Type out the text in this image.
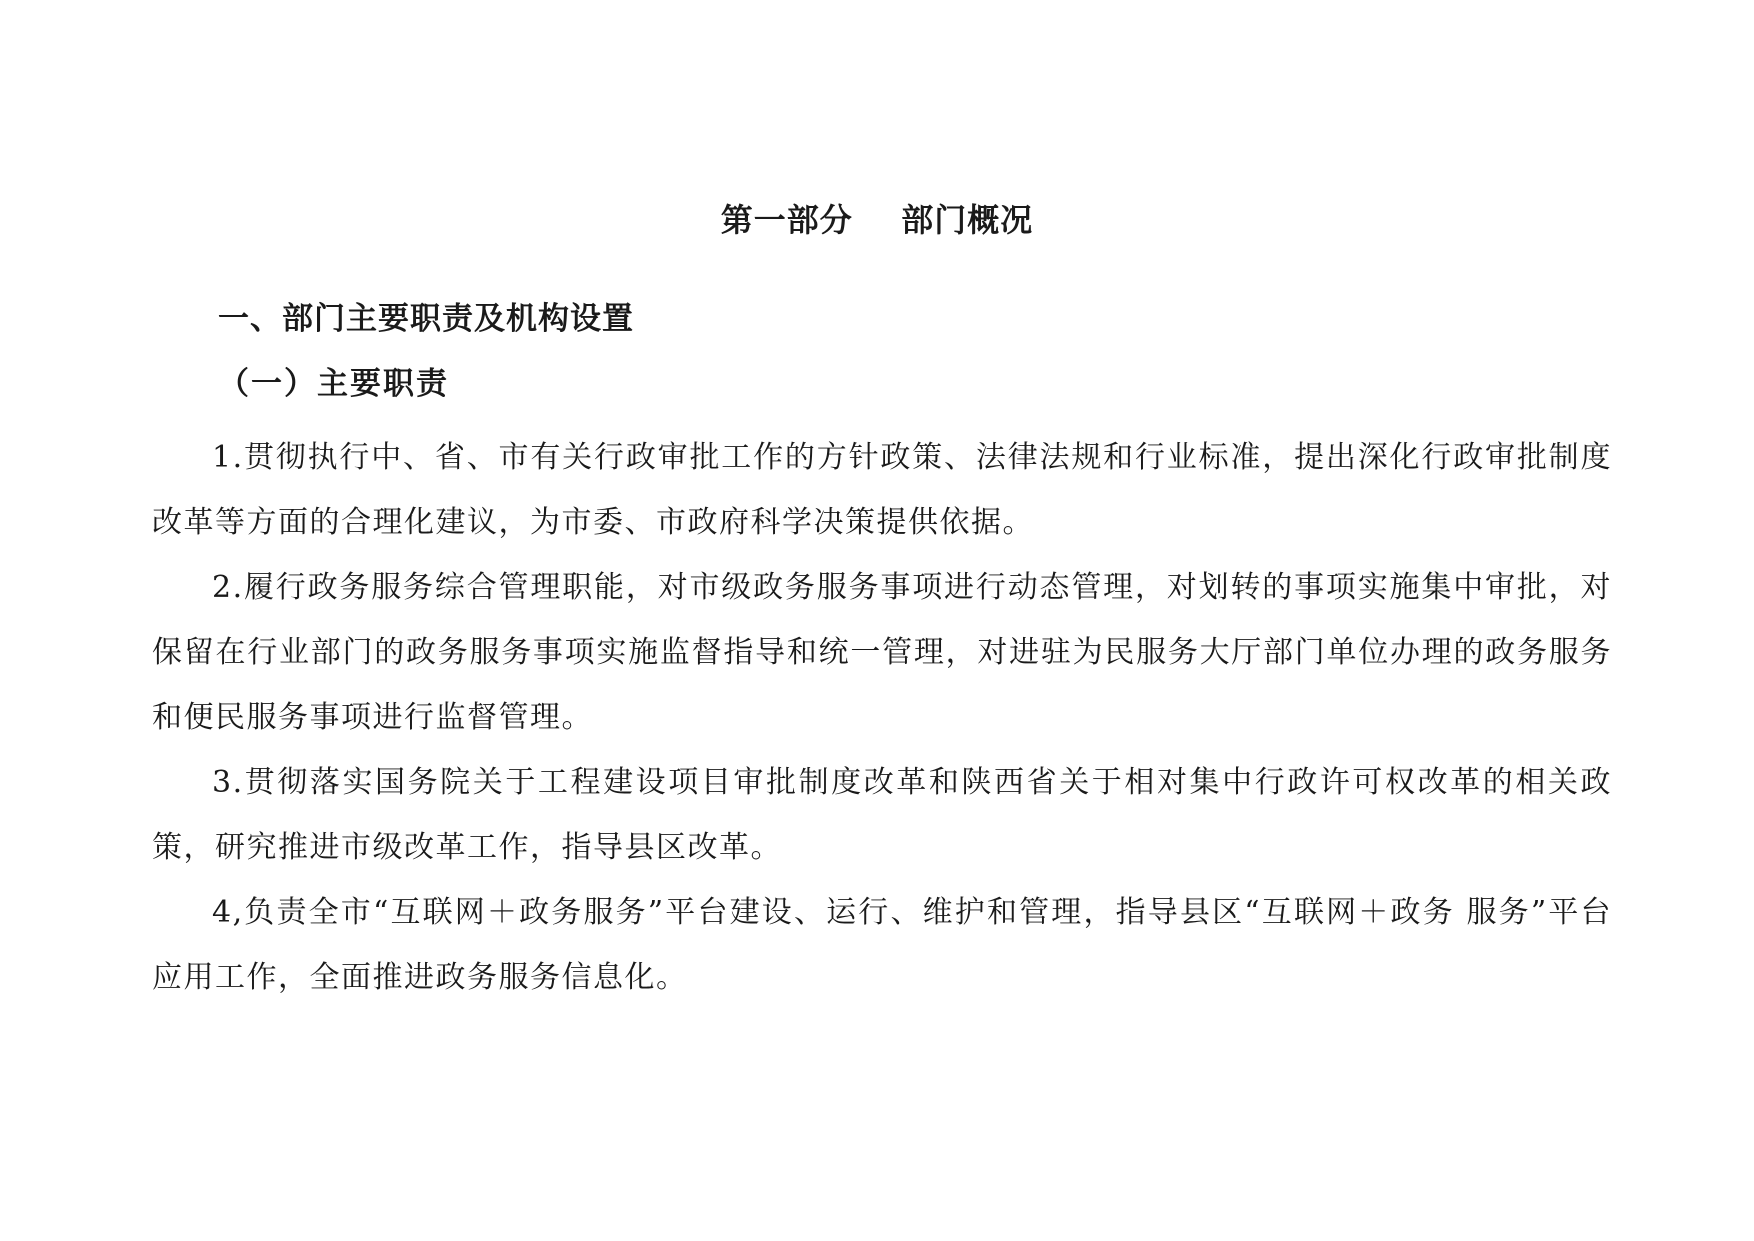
第一部分    部门概况
一、部门主要职责及机构设置
（一）主要职责

1.贯彻执行中、省、市有关行政审批工作的方针政策、法律法规和行业标准，提出深化行政审批制度改革等方面的合理化建议，为市委、市政府科学决策提供依据。

2.履行政务服务综合管理职能，对市级政务服务事项进行动态管理，对划转的事项实施集中审批，对保留在行业部门的政务服务事项实施监督指导和统一管理，对进驻为民服务大厅部门单位办理的政务服务和便民服务事项进行监督管理。

3.贯彻落实国务院关于工程建设项目审批制度改革和陕西省关于相对集中行政许可权改革的相关政策，研究推进市级改革工作，指导县区改革。

4,负责全市“互联网＋政务服务”平台建设、运行、维护和管理，指导县区“互联网＋政务 服务”平台应用工作，全面推进政务服务信息化。
